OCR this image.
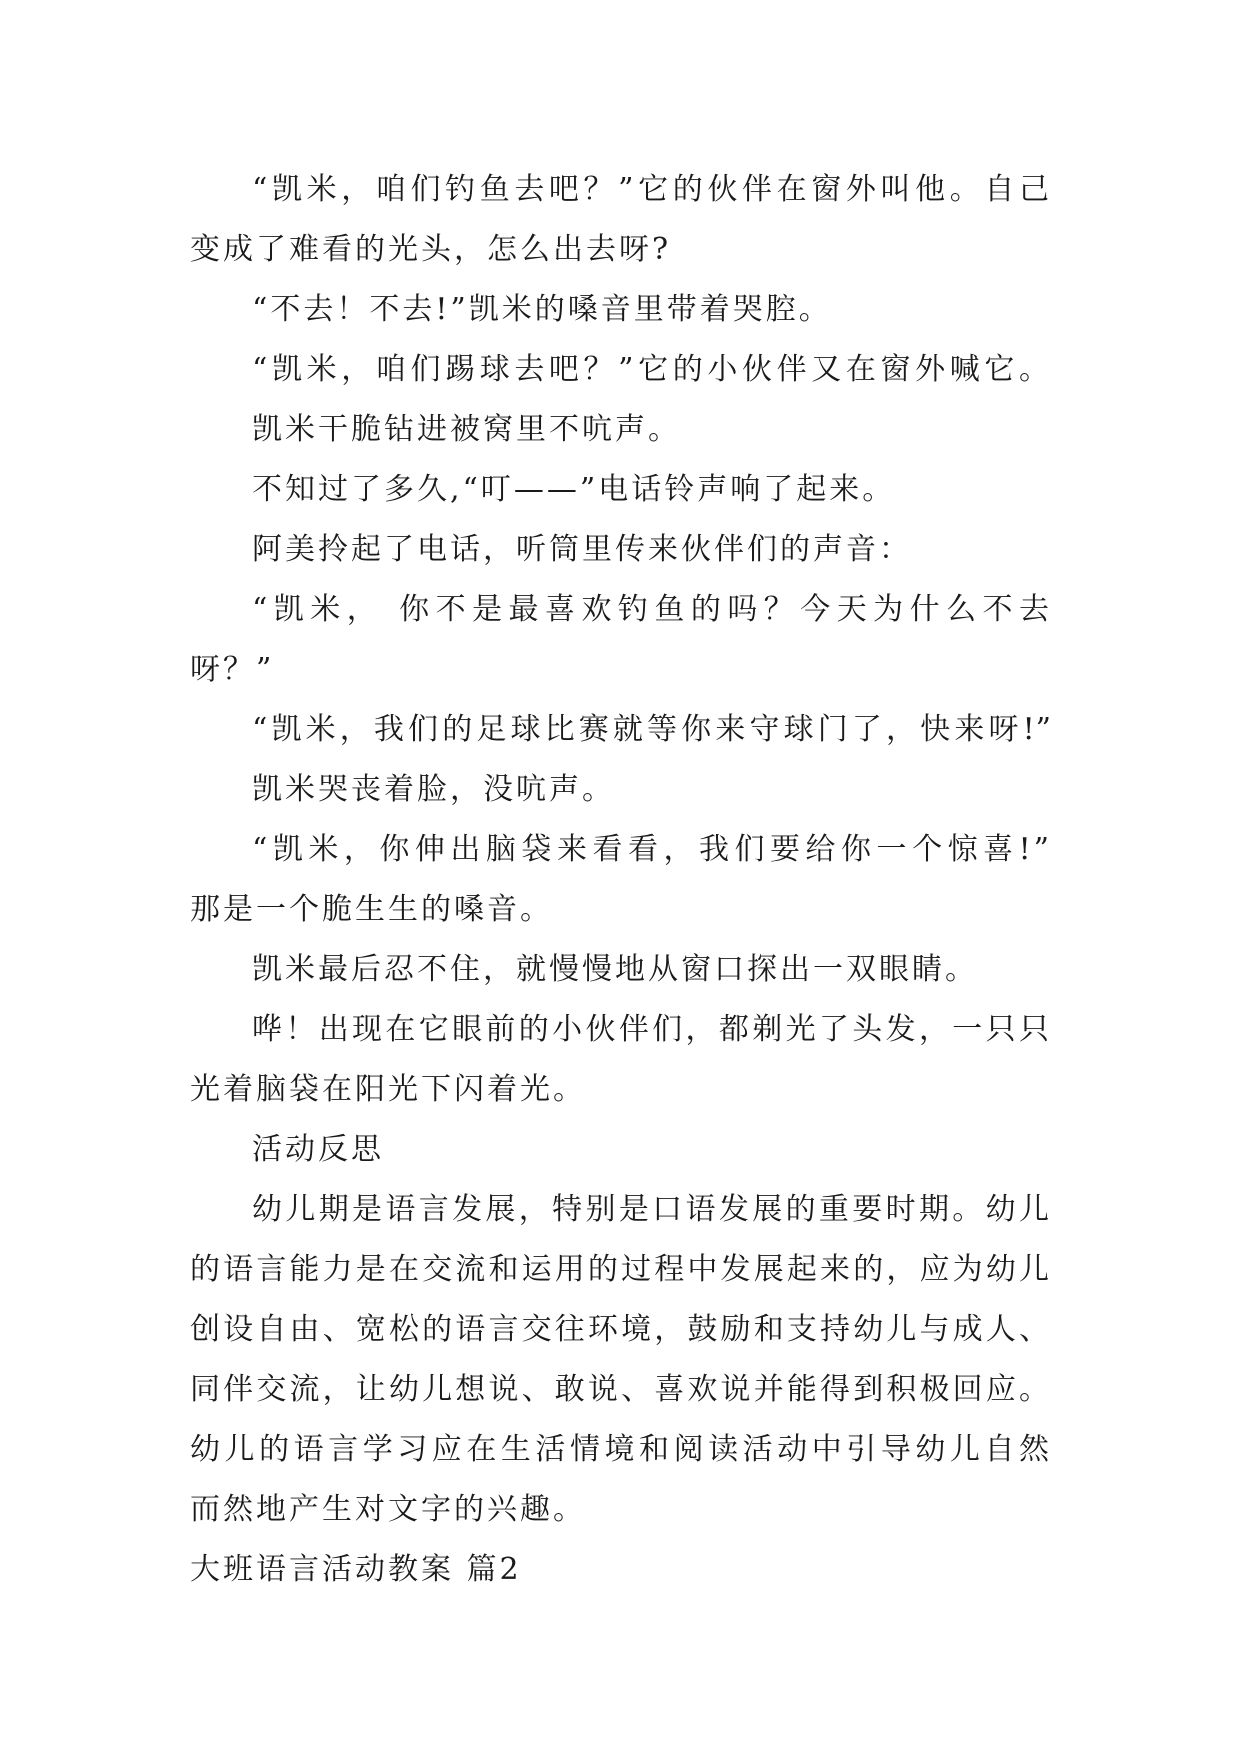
“凯米，咱们钓鱼去吧？”它的伙伴在窗外叫他。自己
变成了难看的光头，怎么出去呀?
“不去！不去!”凯米的嗓音里带着哭腔。
“凯米，咱们踢球去吧？”它的小伙伴又在窗外喊它。
凯米干脆钻进被窝里不吭声。
不知过了多久,“叮——”电话铃声响了起来。
阿美拎起了电话，听筒里传来伙伴们的声音：
“凯米， 你不是最喜欢钓鱼的吗？今天为什么不去
呀？”
“凯米，我们的足球比赛就等你来守球门了，快来呀!”
凯米哭丧着脸，没吭声。
“凯米，你伸出脑袋来看看，我们要给你一个惊喜!”
那是一个脆生生的嗓音。
凯米最后忍不住，就慢慢地从窗口探出一双眼睛。
哗！出现在它眼前的小伙伴们，都剃光了头发，一只只
光着脑袋在阳光下闪着光。
活动反思
幼儿期是语言发展，特别是口语发展的重要时期。幼儿
的语言能力是在交流和运用的过程中发展起来的，应为幼儿
创设自由、宽松的语言交往环境，鼓励和支持幼儿与成人、
同伴交流，让幼儿想说、敢说、喜欢说并能得到积极回应。
幼儿的语言学习应在生活情境和阅读活动中引导幼儿自然
而然地产生对文字的兴趣。
大班语言活动教案 篇2
